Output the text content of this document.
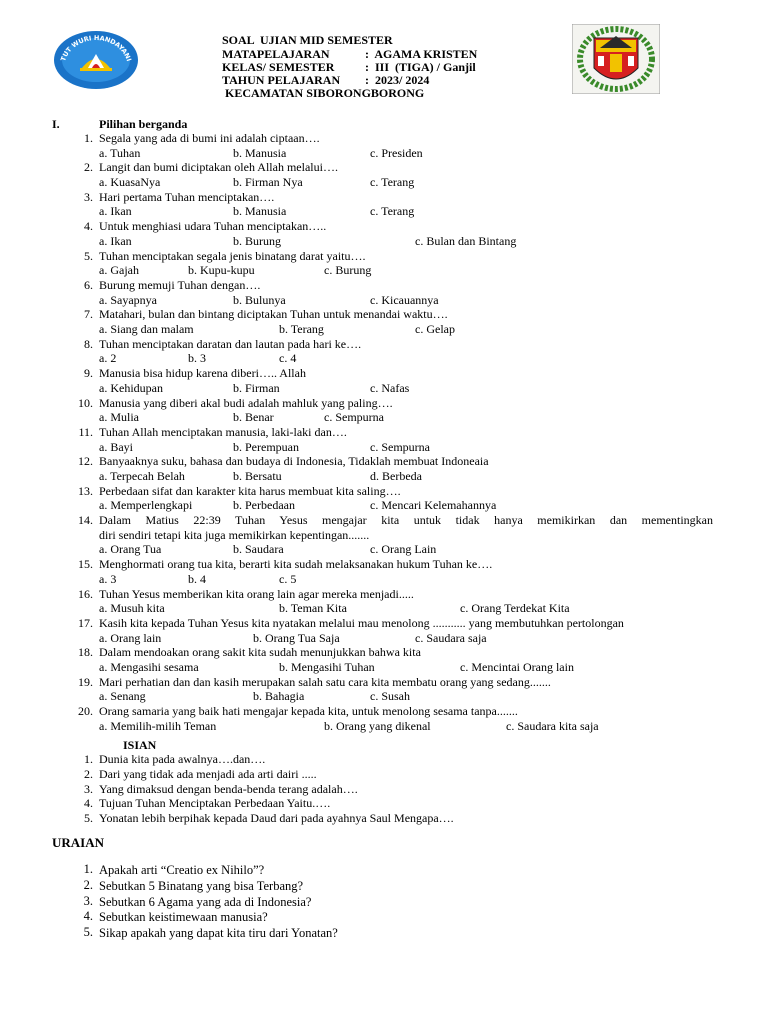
TUT WURI HANDAYANI
SOAL  UJIAN MID SEMESTER
MATAPELAJARAN	:  AGAMA KRISTEN
KELAS/ SEMESTER	:  III  (TIGA) / Ganjil
TAHUN PELAJARAN :  2023/ 2024
KECAMATAN SIBORONGBORONG
I.	Pilihan berganda
1. Segala yang ada di bumi ini adalah ciptaan….
a. Tuhan	b. Manusia	c. Presiden
2. Langit dan bumi diciptakan oleh Allah melalui….
a. KuasaNya	b. Firman Nya	c. Terang
3. Hari pertama Tuhan menciptakan….
a. Ikan	b. Manusia	c. Terang
4. Untuk menghiasi udara Tuhan menciptakan…..
a. Ikan	b. Burung	c. Bulan dan Bintang
5. Tuhan menciptakan segala jenis binatang darat yaitu….
a. Gajah	b. Kupu-kupu	c. Burung
6. Burung memuji Tuhan dengan….
a. Sayapnya	b. Bulunya	c. Kicauannya
7. Matahari, bulan dan bintang diciptakan Tuhan untuk menandai waktu….
a. Siang dan malam	b. Terang	c. Gelap
8. Tuhan menciptakan daratan dan lautan pada hari ke….
a. 2	b. 3	c. 4
9. Manusia bisa hidup karena diberi….. Allah
a. Kehidupan	b. Firman	c. Nafas
10. Manusia yang diberi akal budi adalah mahluk yang paling….
a. Mulia	b. Benar	c. Sempurna
11. Tuhan Allah menciptakan manusia, laki-laki dan….
a. Bayi	b. Perempuan	c. Sempurna
12. Banyaaknya suku, bahasa dan budaya di Indonesia, Tidaklah membuat Indoneaia
a. Terpecah Belah	b. Bersatu	d. Berbeda
13. Perbedaan sifat dan karakter kita harus membuat kita saling….
a. Memperlengkapi	b. Perbedaan	c. Mencari Kelemahannya
14. Dalam Matius 22:39 Tuhan Yesus mengajar kita untuk tidak hanya memikirkan dan mementingkan
diri sendiri tetapi kita juga memikirkan kepentingan.......
a. Orang Tua	b. Saudara	c. Orang Lain
15. Menghormati orang tua kita, berarti kita sudah melaksanakan hukum Tuhan ke….
a. 3	b. 4	c. 5
16. Tuhan Yesus memberikan kita orang lain agar mereka menjadi.....
a. Musuh kita	b. Teman Kita	c. Orang Terdekat Kita
17. Kasih kita kepada Tuhan Yesus kita nyatakan melalui mau menolong ........... yang membutuhkan pertolongan
a. Orang lain	b. Orang Tua Saja	c. Saudara saja
18. Dalam mendoakan orang sakit kita sudah menunjukkan bahwa kita
a. Mengasihi sesama	b. Mengasihi Tuhan	c. Mencintai Orang lain
19. Mari perhatian dan dan kasih merupakan salah satu cara kita membatu orang yang sedang.......
a. Senang	b. Bahagia	c. Susah
20. Orang samaria yang baik hati mengajar kepada kita, untuk menolong sesama tanpa.......
a. Memilih-milih Teman	b. Orang yang dikenal	c. Saudara kita saja
ISIAN
1. Dunia kita pada awalnya….dan….
2. Dari yang tidak ada menjadi ada arti dairi .....
3. Yang dimaksud dengan benda-benda terang adalah….
4. Tujuan Tuhan Menciptakan Perbedaan Yaitu.….
5. Yonatan lebih berpihak kepada Daud dari pada ayahnya Saul Mengapa….
URAIAN
1. Apakah arti “Creatio ex Nihilo”?
2. Sebutkan 5 Binatang yang bisa Terbang?
3. Sebutkan 6 Agama yang ada di Indonesia?
4. Sebutkan keistimewaan manusia?
5. Sikap apakah yang dapat kita tiru dari Yonatan?
